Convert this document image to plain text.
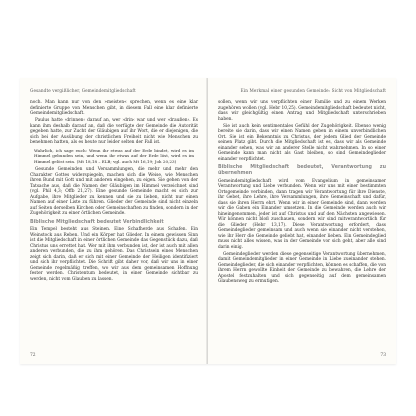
Gesandte vergißlicher, Gemeindemitgliedschaft

noch. Man kann nur von den »meisten« sprechen, wenn es eine klar definierte Gruppe von Menschen gibt, in diesem Fall eine klar definierte Gemeindemitgliedschaft.

Paulus hatte ›drinnen‹ darauf an, wer ›drin‹ war und wer ›draußen‹. Es kann ihm deshalb darauf an, daß die verfügte der Gemeinde die Autorität gegeben hatte, zur Zucht der Gläubigen auf ihr Wort, die er diejenigen, die sich bei der Ausübung der christlichen Freiheit nicht wie Menschen zu benehmen hatten, als es heute nur leider selten der Fall ist.

Wahrlich, ich sage euch: Wenn ihr etwas auf der Erde bindet, wird es im Himmel gebunden sein, und wenn ihr etwas auf der Erde löst, wird es im Himmel gelöst sein. (Mt 18,18 – ELB; vgl. auch Mt 16,19; Joh 20,23)

Gesunde Gemeinden und Versammlungen, die mehr und mehr den Charakter Gottes widerspiegeln, machen sich die Weise, wie Menschen ihren Bund mit Gott und mit anderen eingehen, zu eigen. Sie gehen von der Tatsache aus, daß die Namen der Gläubigen im Himmel verzeichnet sind (vgl. Phil 4,3; Offb 21,27). Eine gesunde Gemeinde macht es sich zur Aufgabe, ihre Mitglieder zu kennen und sie zu lieben, nicht nur einen Namen auf einer Liste zu führen. Glieder der Gemeinde sind nicht einzeln auf Seiten derselben Kirchen oder Gemeinschaften zu finden, sondern in der Zugehörigkeit zu einer örtlichen Gemeinde.

Biblische Mitgliedschaft bedeutet Verbindlichkeit

Ein Tempel besteht aus Steinen. Eine Schafherde aus Schafen. Ein Weinstock aus Reben. Und ein Körper hat Glieder. In einem gewissen Sinn ist die Mitgliedschaft in einer örtlichen Gemeinde das Gegenstück dazu, daß Christus uns errettet hat. Wer mit ihm verbunden ist, der ist auch mit allen anderen verbunden, die zu ihm gehören. Das Christsein eines Menschen zeigt sich darin, daß er sich mit einer Gemeinde der Heiligen identifiziert und sich ihr verpflichtet. Die Schrift gibt daher vor, daß wir uns in einer Gemeinde regelmäßig treffen, wo wir aus dem gemeinsamen Hoffnung fester werden. Christentum bedeutet, in einer Gemeinde sichtbar zu werden, nicht vom Glauben zu lassen.

72
Ein Merkmal einer gesunden Gemeinde: Sicht von Mitgliedschaft

sollen, wenn wir uns verpflichten einer Familie und zu einem Werken zugehören wollen (vgl. Hebr 10,25). Gemeindemitgliedschaft bedeutet nicht, dass wir gleichgültig einen Antrag und Mitgliedschaft unterschrieben haben.

Sie ist auch kein sentimentales Gefühl der Zugehörigkeit. Ebenso wenig bereite sie darin, dass wir einen Namen geben in einem unverbindlichen Ort. Sie ist ein Bekenntnis zu Christus, der jedem Glied der Gemeinde seinen Platz gibt. Durch die Mitgliedschaft ist es, dass wir als Gemeinde einander sehen, was wir an anderer Stelle nicht wahrnehmen. In so einer Gemeinde kann man nicht als Gast bleiben, so sind Gemeindeglieder einander verpflichtet.

Biblische Mitgliedschaft bedeutet, Verantwortung zu übernehmen

Gemeindemitgliedschaft wird vom Evangelium in gemeinsamer Verantwortung und Liebe verbunden. Wenn wir uns mit einer bestimmten Ortsgemeinde verbinden, dann tragen wir Verantwortung für ihre Dienste, ihr Gebet, ihre Lehre, ihre Versammlungen, ihre Gemeinschaft und dafür, dass sie ihren Herrn ehrt. Wenn wir in einer Gemeinde sind, dann werden wir die Gaben ein Einander umsetzen. In die Gemeinde werden auch wir hineingenommen, jeder ist auf Christus und auf den Nächsten angewiesen. Wir können nicht bloß zuschauen, sondern wir sind mitverantwortlich für die Glieder (Hebr 13,17). Diese Verantwortung erfordert, dass Gemeindeglieder gemeinsam und auch wenn sie einander nicht verstehen, wie ihr Herr die Gemeinde geliebt hat, einander lieben. Ein Gemeindeglied muss nicht alles wissen, was in der Gemeinde vor sich geht, aber alle sind darin einig.

Gemeindeglieder werden diese gegenseitige Verantwortung übernehmen, damit Gemeindemitglieder in einer Gemeinde in Liebe zueinander stehen. Gemeindeglieder, die sich einander verpflichten, können es schaffen, die von ihrem Herrn gewollte Einheit der Gemeinde zu bewahren, die Lehre der Apostel festzuhalten und sich gegenseitig auf dem gemeinsamen Glaubensweg zu ermutigen.

73
